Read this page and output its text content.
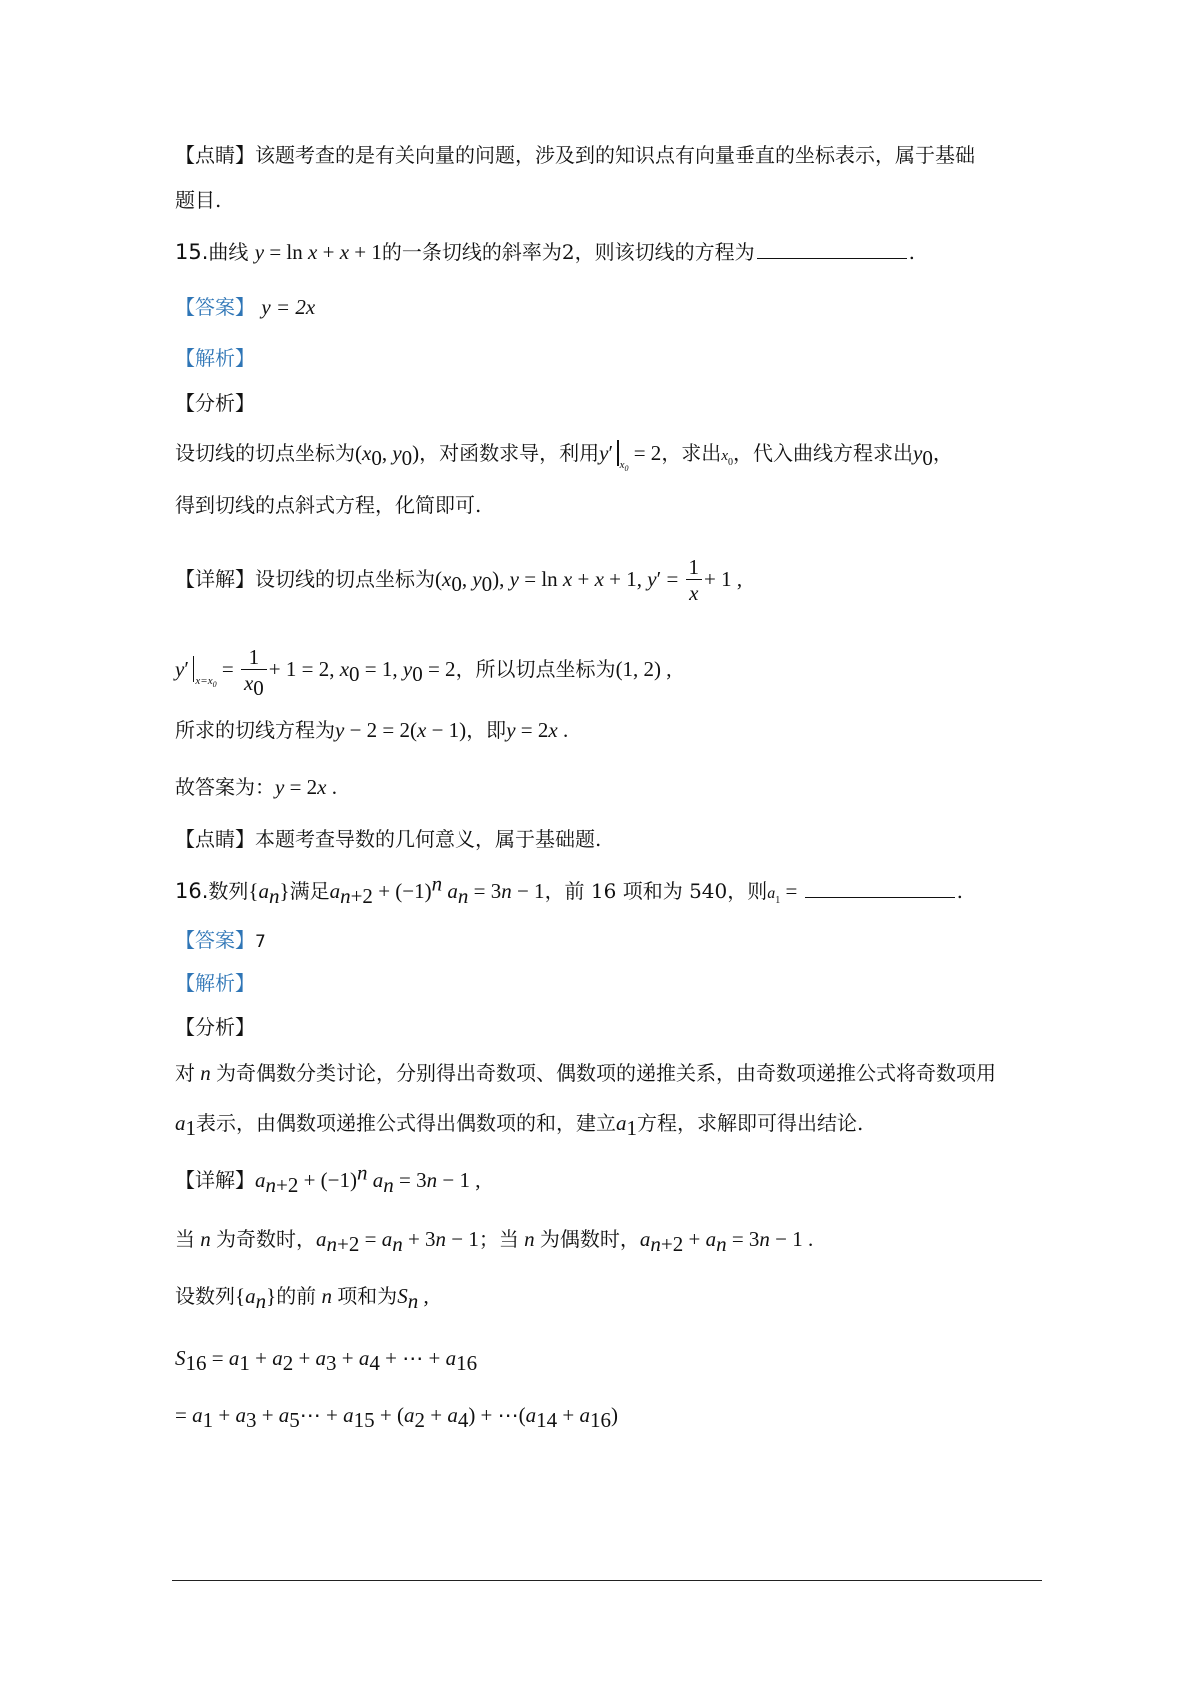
【点睛】该题考查的是有关向量的问题，涉及到的知识点有向量垂直的坐标表示，属于基础
题目.
15.曲线 y = ln x + x + 1的一条切线的斜率为2，则该切线的方程为	.
【答案】 y = 2x
【解析】
【分析】
设切线的切点坐标为($x_0$, $y_0$)，对函数求导，利用y′ $_{x_0}$ = 2，求出$x_0$，代入曲线方程求出$y_0$，
得到切线的点斜式方程，化简即可.
【详解】设切线的切点坐标为($x_0$, $y_0$), y = ln x + x + 1, $y' = \frac{1}{x} + 1$ ,
y′ $_{x=x_0} = \frac{1}{x_0} + 1 = 2$, $x_0 = 1$, $y_0 = 2$，所以切点坐标为(1, 2) ,
所求的切线方程为y − 2 = 2(x − 1)，即y = 2x .
故答案为：y = 2x .
【点睛】本题考查导数的几何意义，属于基础题.
16.数列$\{a_n\}$满足$a_{n+2} + (-1)^n$ $a_n = 3n - 1$，前 16 项和为 540，则$a_1$ =	.
【答案】7
【解析】
【分析】
对 n 为奇偶数分类讨论，分别得出奇数项、偶数项的递推关系，由奇数项递推公式将奇数项用
$a_1$表示，由偶数项递推公式得出偶数项的和，建立$a_1$方程，求解即可得出结论.
【详解】$a_{n+2} + (-1)^n$ $a_n = 3n - 1$ ,
当 n 为奇数时，$a_{n+2} = a_n + 3n - 1$；当 n 为偶数时，$a_{n+2} + a_n = 3n - 1$ .
设数列$\{a_n\}$的前 n 项和为$S_n$ ,
$S_{16} = a_1 + a_2 + a_3 + a_4$ + ⋯ + $a_{16}$
= $a_1 + a_3$ + $a_5\cdots + a_{15} + (a_2 + a_4)$ + $\cdots(a_{14} + a_{16})$
